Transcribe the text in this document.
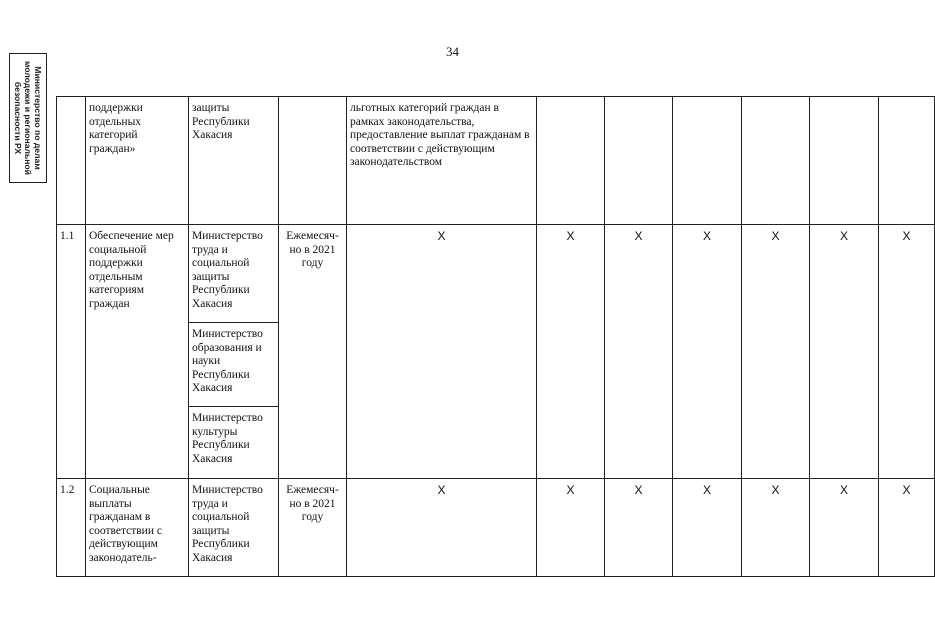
34
Министерство по делам молодежи и региональной безопасности РХ
		поддержки отдельных категорий граждан»	защиты Республики Хакасия		льготных категорий граждан в рамках законодательства, предоставление выплат гражданам в соответствии с действующим законодательством						
1.1	Обеспечение мер социальной поддержки отдельным категориям граждан	Министерство труда и социальной защиты Республики Хакасия	Ежемесяч-но в 2021 году	X	X	X	X	X	X	X
		Министерство образования и науки Республики Хакасия								
		Министерство культуры Республики Хакасия								
1.2	Социальные выплаты гражданам в соответствии с действующим законодатель-	Министерство труда и социальной защиты Республики Хакасия	Ежемесяч-но в 2021 году	X	X	X	X	X	X	X
